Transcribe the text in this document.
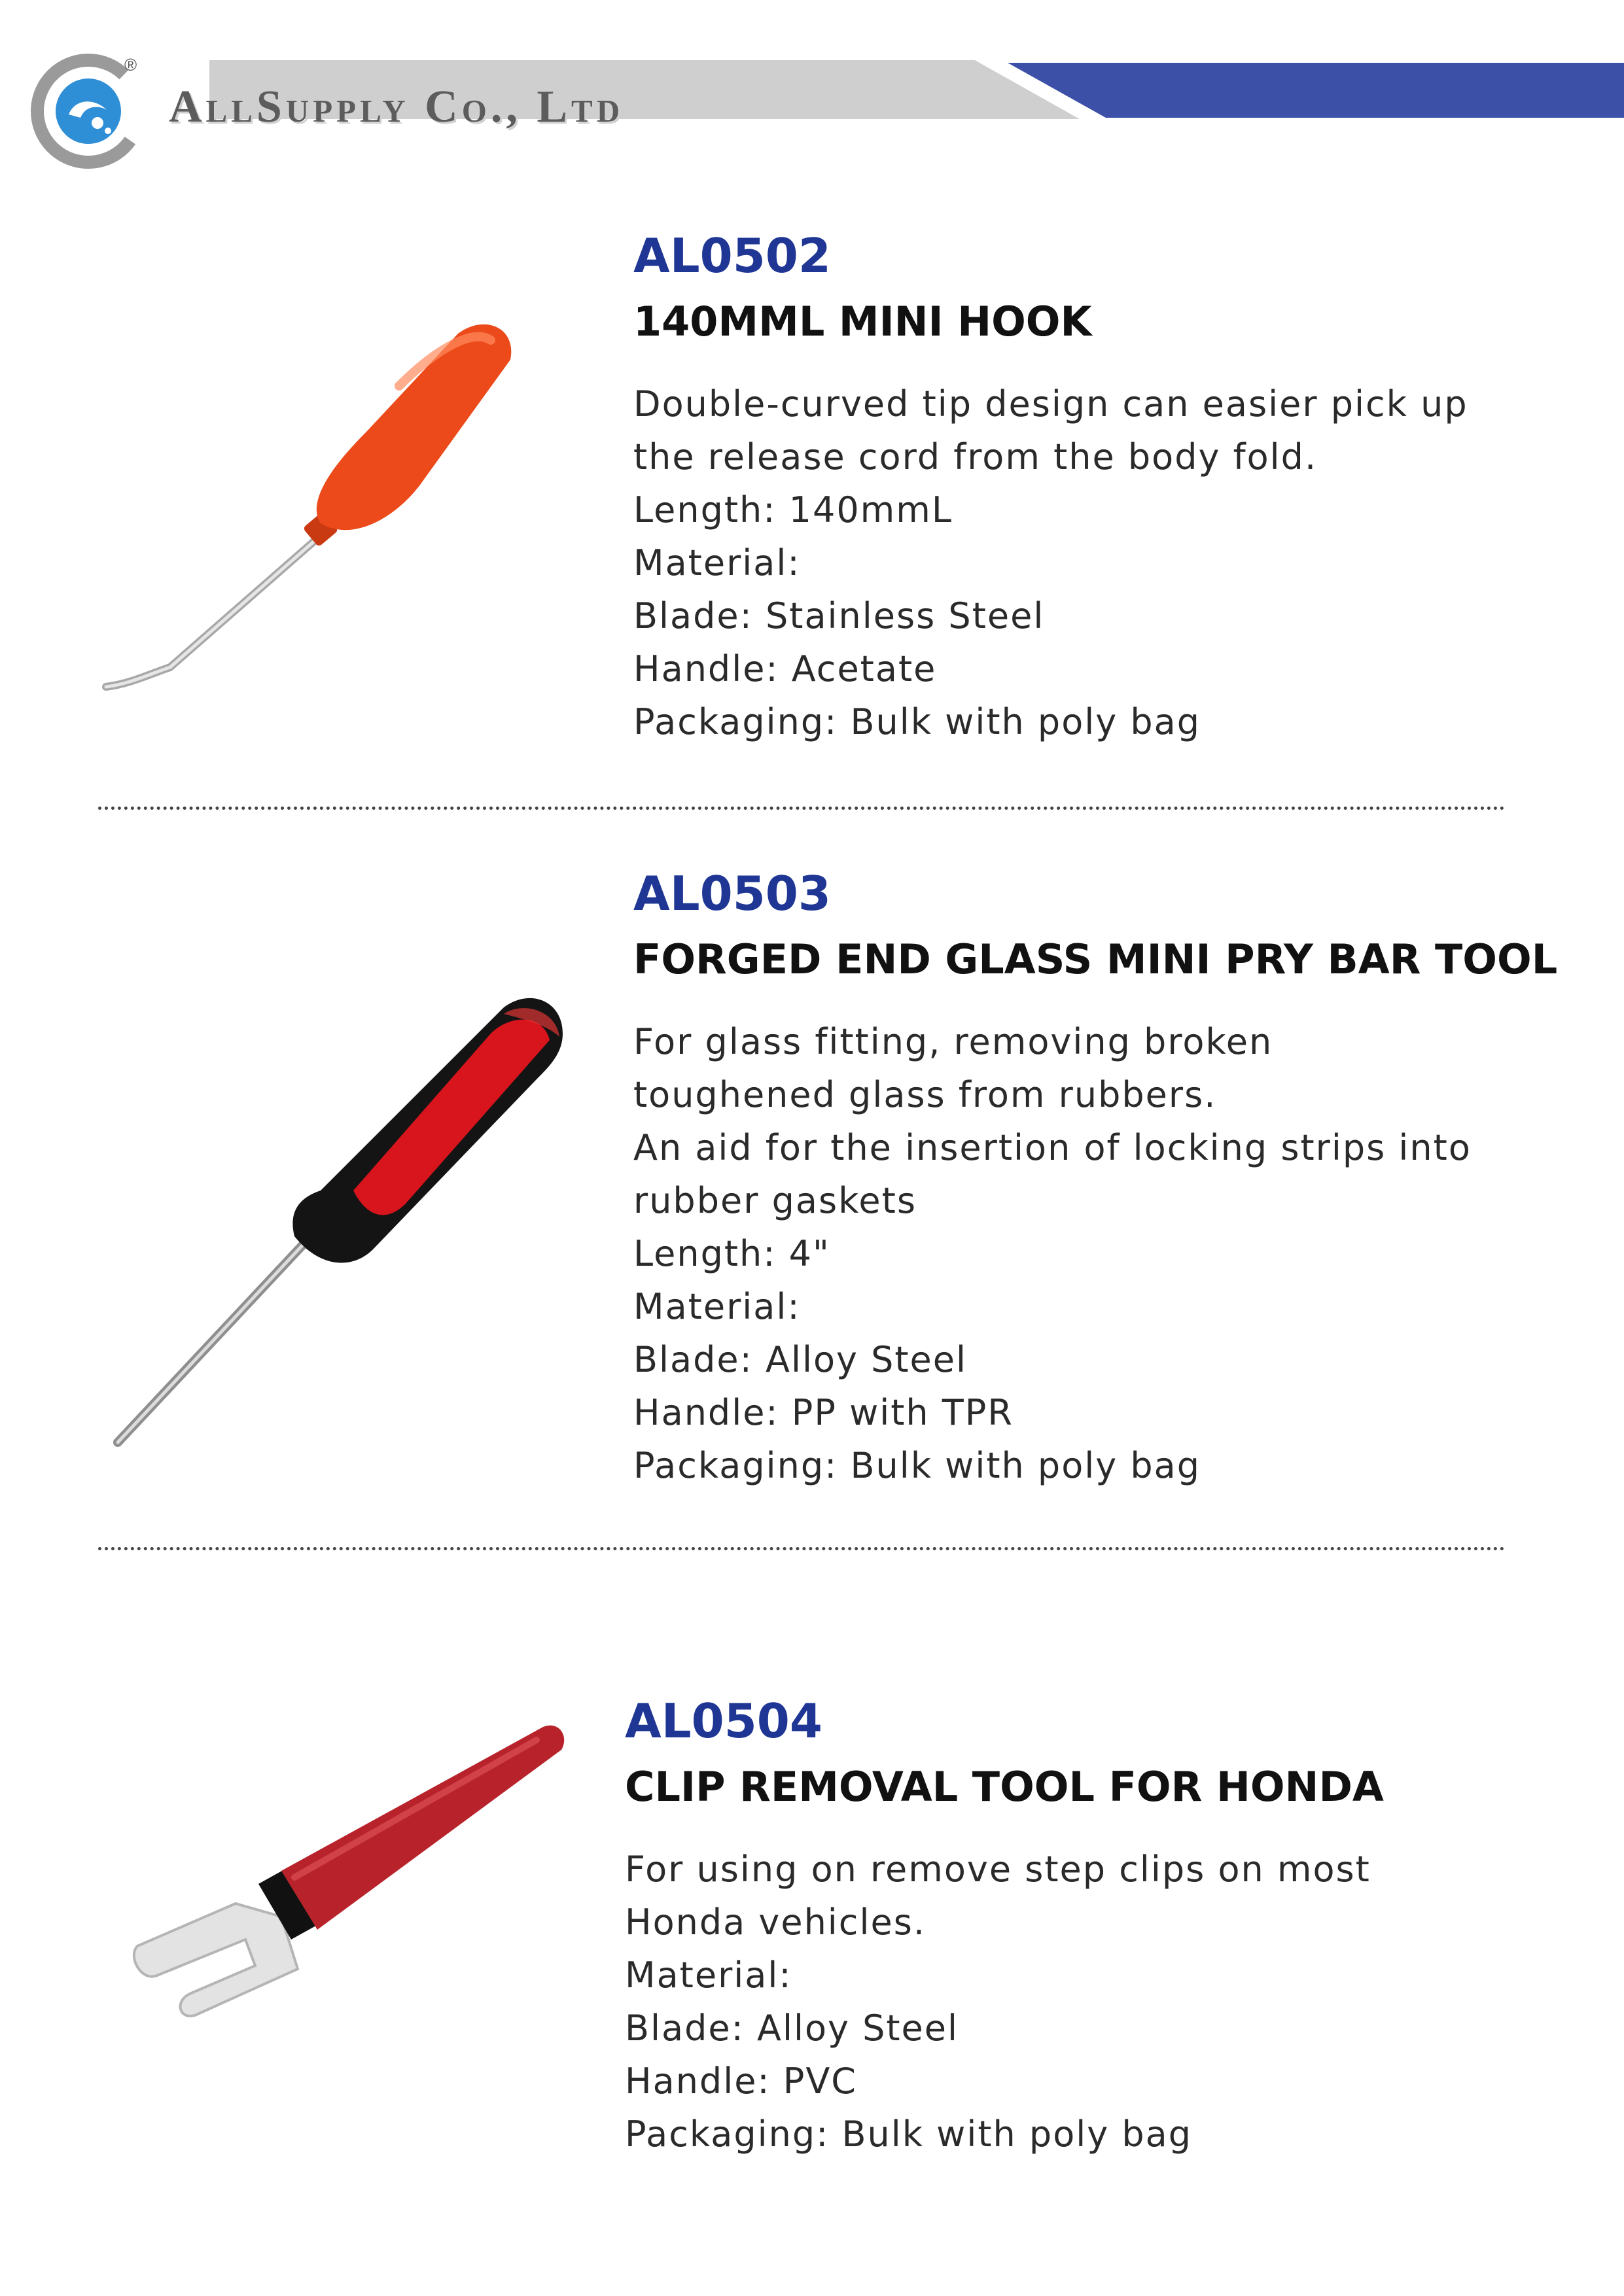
®
AllSupply Co., Ltd
AL0502
140MML MINI HOOK
Double-curved tip design can easier pick up
the release cord from the body fold.
Length: 140mmL
Material:
Blade: Stainless Steel
Handle: Acetate
Packaging: Bulk with poly bag
AL0503
FORGED END GLASS MINI PRY BAR TOOL
For glass fitting, removing broken
toughened glass from rubbers.
An aid for the insertion of locking strips into
rubber gaskets
Length: 4"
Material:
Blade: Alloy Steel
Handle: PP with TPR
Packaging: Bulk with poly bag
AL0504
CLIP REMOVAL TOOL FOR HONDA
For using on remove step clips on most
Honda vehicles.
Material:
Blade: Alloy Steel
Handle: PVC
Packaging: Bulk with poly bag
